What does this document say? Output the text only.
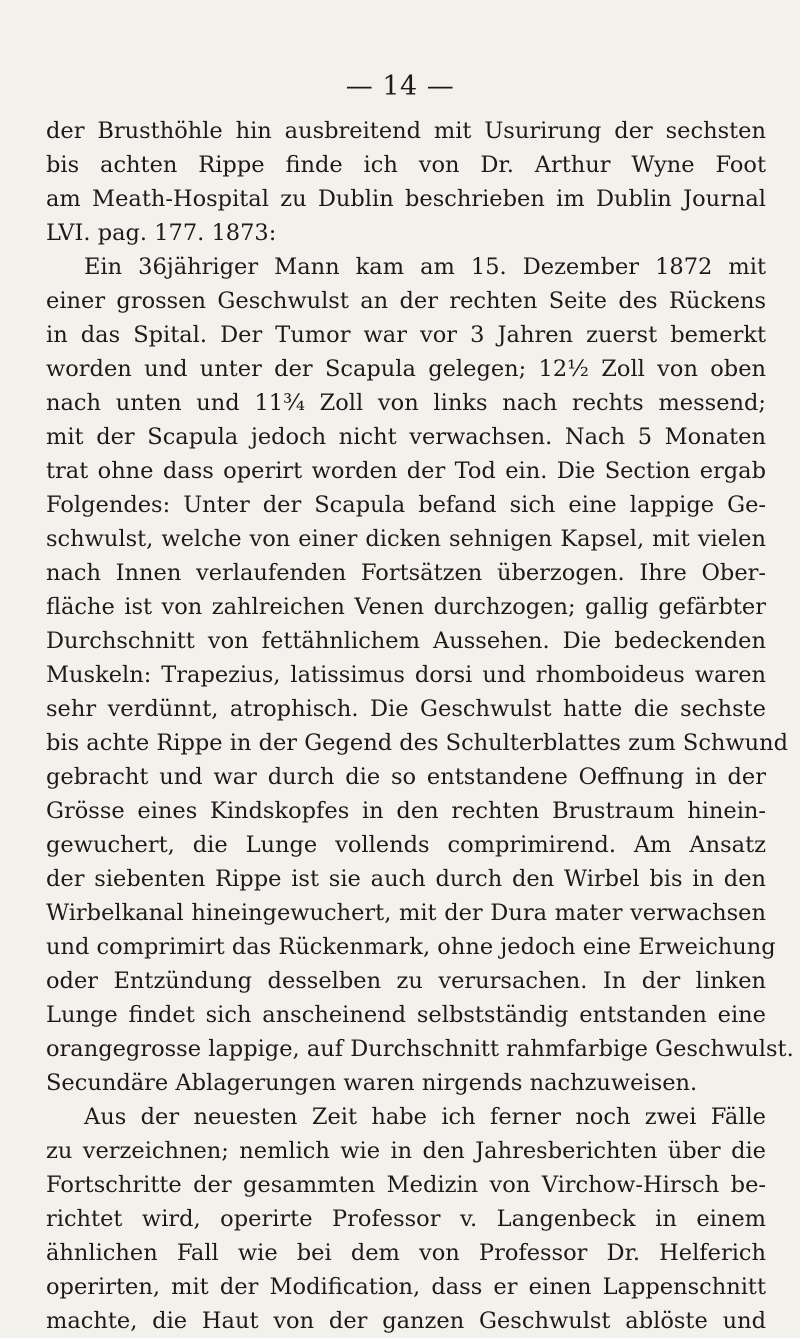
— 14 —
der Brusthöhle hin ausbreitend mit Usurirung der sechsten
bis achten Rippe finde ich von Dr. Arthur Wyne Foot
am Meath-Hospital zu Dublin beschrieben im Dublin Journal
LVI. pag. 177. 1873:
Ein 36jähriger Mann kam am 15. Dezember 1872 mit
einer grossen Geschwulst an der rechten Seite des Rückens
in das Spital. Der Tumor war vor 3 Jahren zuerst bemerkt
worden und unter der Scapula gelegen; 12½ Zoll von oben
nach unten und 11¾ Zoll von links nach rechts messend;
mit der Scapula jedoch nicht verwachsen. Nach 5 Monaten
trat ohne dass operirt worden der Tod ein. Die Section ergab
Folgendes: Unter der Scapula befand sich eine lappige Ge-
schwulst, welche von einer dicken sehnigen Kapsel, mit vielen
nach Innen verlaufenden Fortsätzen überzogen. Ihre Ober-
fläche ist von zahlreichen Venen durchzogen; gallig gefärbter
Durchschnitt von fettähnlichem Aussehen. Die bedeckenden
Muskeln: Trapezius, latissimus dorsi und rhomboideus waren
sehr verdünnt, atrophisch. Die Geschwulst hatte die sechste
bis achte Rippe in der Gegend des Schulterblattes zum Schwund
gebracht und war durch die so entstandene Oeffnung in der
Grösse eines Kindskopfes in den rechten Brustraum hinein-
gewuchert, die Lunge vollends comprimirend. Am Ansatz
der siebenten Rippe ist sie auch durch den Wirbel bis in den
Wirbelkanal hineingewuchert, mit der Dura mater verwachsen
und comprimirt das Rückenmark, ohne jedoch eine Erweichung
oder Entzündung desselben zu verursachen. In der linken
Lunge findet sich anscheinend selbstständig entstanden eine
orangegrosse lappige, auf Durchschnitt rahmfarbige Geschwulst.
Secundäre Ablagerungen waren nirgends nachzuweisen.
Aus der neuesten Zeit habe ich ferner noch zwei Fälle
zu verzeichnen; nemlich wie in den Jahresberichten über die
Fortschritte der gesammten Medizin von Virchow-Hirsch be-
richtet wird, operirte Professor v. Langenbeck in einem
ähnlichen Fall wie bei dem von Professor Dr. Helferich
operirten, mit der Modification, dass er einen Lappenschnitt
machte, die Haut von der ganzen Geschwulst ablöste und
